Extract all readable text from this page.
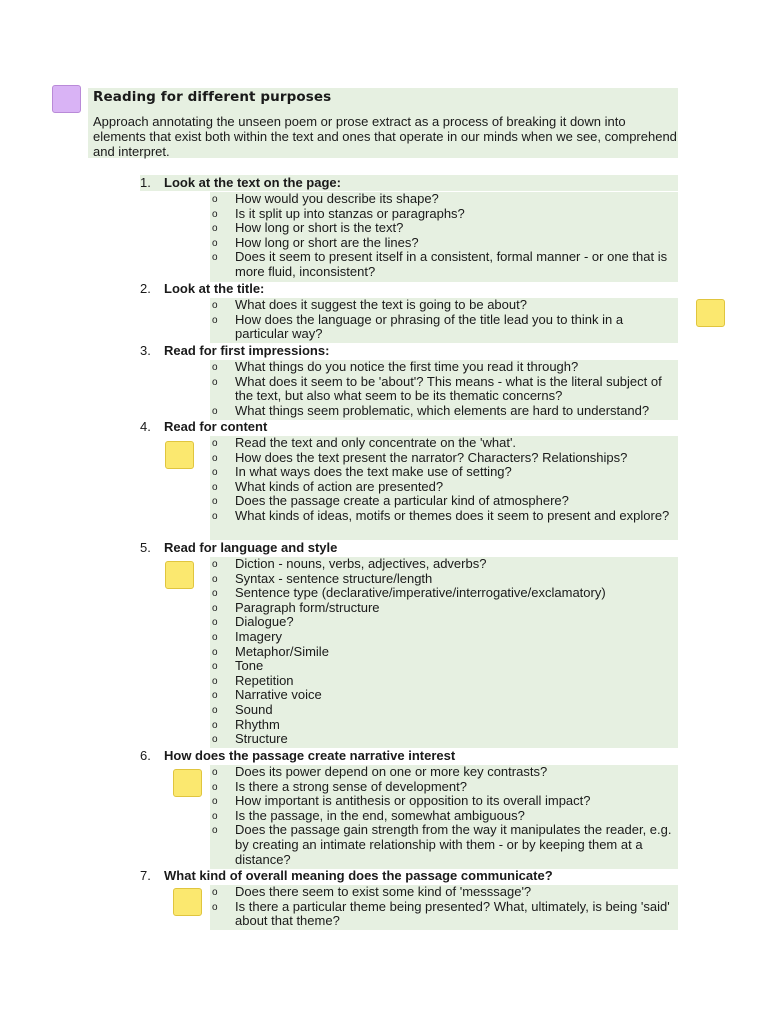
Reading for different purposes
Approach annotating the unseen poem or prose extract as a process of breaking it down into elements that exist both within the text and ones that operate in our minds when we see, comprehend and interpret.
1. Look at the text on the page:
o How would you describe its shape?
o Is it split up into stanzas or paragraphs?
o How long or short is the text?
o How long or short are the lines?
o Does it seem to present itself in a consistent, formal manner - or one that is more fluid, inconsistent?
2. Look at the title:
o What does it suggest the text is going to be about?
o How does the language or phrasing of the title lead you to think in a particular way?
3. Read for first impressions:
o What things do you notice the first time you read it through?
o What does it seem to be 'about'? This means - what is the literal subject of the text, but also what seem to be its thematic concerns?
o What things seem problematic, which elements are hard to understand?
4. Read for content
o Read the text and only concentrate on the 'what'.
o How does the text present the narrator? Characters? Relationships?
o In what ways does the text make use of setting?
o What kinds of action are presented?
o Does the passage create a particular kind of atmosphere?
o What kinds of ideas, motifs or themes does it seem to present and explore?
5. Read for language and style
o Diction - nouns, verbs, adjectives, adverbs?
o Syntax - sentence structure/length
o Sentence type (declarative/imperative/interrogative/exclamatory)
o Paragraph form/structure
o Dialogue?
o Imagery
o Metaphor/Simile
o Tone
o Repetition
o Narrative voice
o Sound
o Rhythm
o Structure
6. How does the passage create narrative interest
o Does its power depend on one or more key contrasts?
o Is there a strong sense of development?
o How important is antithesis or opposition to its overall impact?
o Is the passage, in the end, somewhat ambiguous?
o Does the passage gain strength from the way it manipulates the reader, e.g. by creating an intimate relationship with them - or by keeping them at a distance?
7. What kind of overall meaning does the passage communicate?
o Does there seem to exist some kind of 'messsage'?
o Is there a particular theme being presented? What, ultimately, is being 'said' about that theme?
